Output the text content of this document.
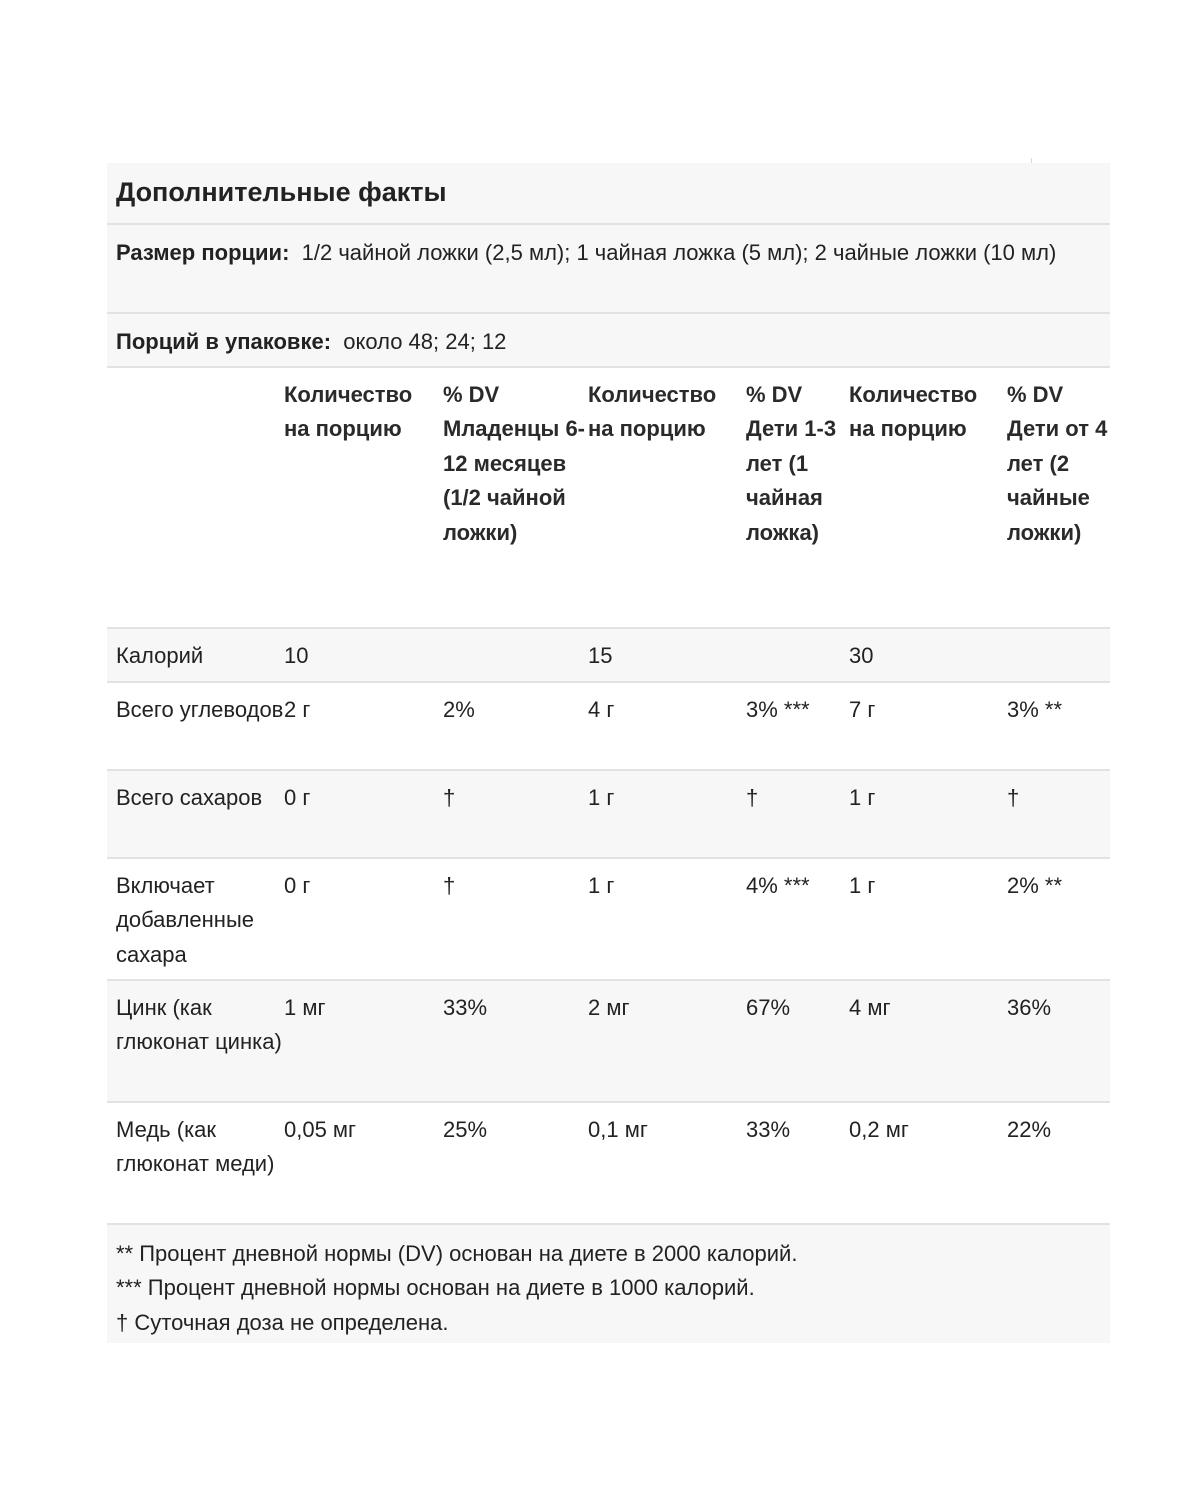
Дополнительные факты
Размер порции: 1/2 чайной ложки (2,5 мл); 1 чайная ложка (5 мл); 2 чайные ложки (10 мл)
Порций в упаковке: около 48; 24; 12
	Количество на порцию	% DV Младенцы 6-12 месяцев (1/2 чайной ложки)	Количество на порцию	% DV Дети 1-3 лет (1 чайная ложка)	Количество на порцию	% DV Дети от 4 лет (2 чайные ложки)
Калорий	10		15		30	
Всего углеводов	2 г	2%	4 г	3% ***	7 г	3% **
Всего сахаров	0 г	†	1 г	†	1 г	†
Включает добавленные сахара	0 г	†	1 г	4% ***	1 г	2% **
Цинк (как глюконат цинка)	1 мг	33%	2 мг	67%	4 мг	36%
Медь (как глюконат меди)	0,05 мг	25%	0,1 мг	33%	0,2 мг	22%
** Процент дневной нормы (DV) основан на диете в 2000 калорий.
*** Процент дневной нормы основан на диете в 1000 калорий.
† Суточная доза не определена.
